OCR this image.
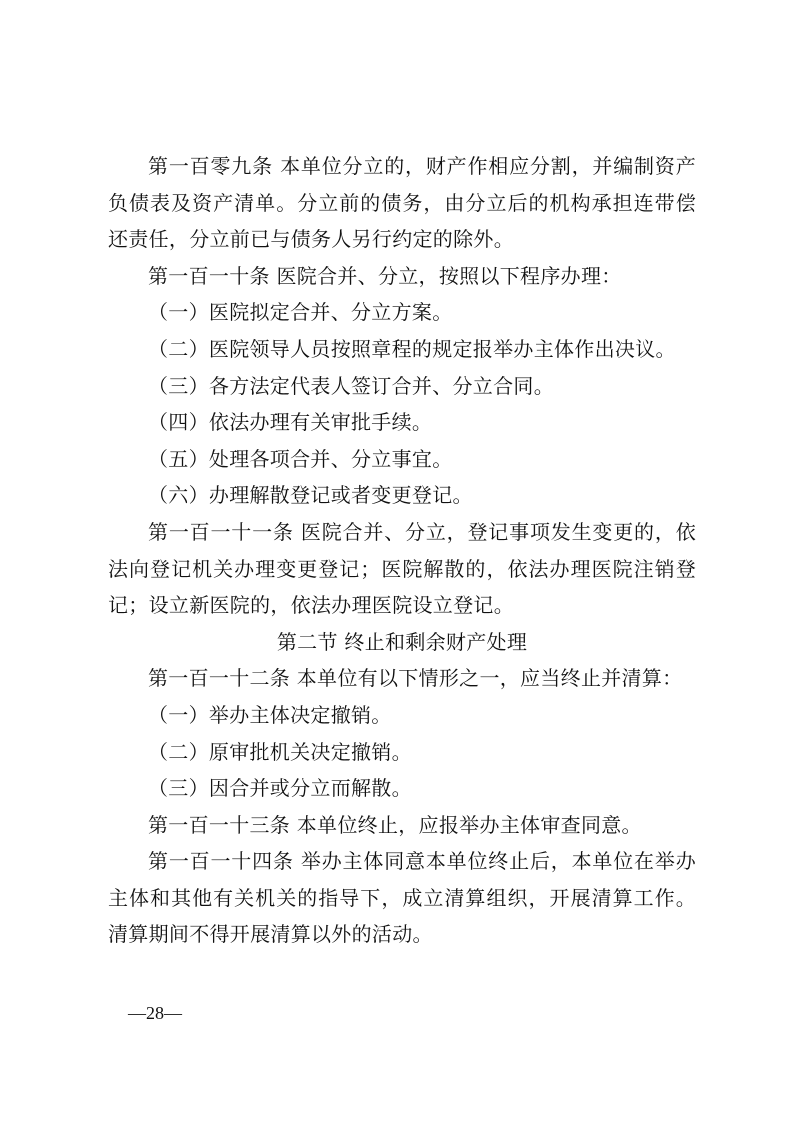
第一百零九条 本单位分立的，财产作相应分割，并编制资产负债表及资产清单。分立前的债务，由分立后的机构承担连带偿还责任，分立前已与债务人另行约定的除外。

第一百一十条 医院合并、分立，按照以下程序办理：

（一）医院拟定合并、分立方案。

（二）医院领导人员按照章程的规定报举办主体作出决议。

（三）各方法定代表人签订合并、分立合同。

（四）依法办理有关审批手续。

（五）处理各项合并、分立事宜。

（六）办理解散登记或者变更登记。

第一百一十一条 医院合并、分立，登记事项发生变更的，依法向登记机关办理变更登记；医院解散的，依法办理医院注销登记；设立新医院的，依法办理医院设立登记。

第二节 终止和剩余财产处理

第一百一十二条 本单位有以下情形之一，应当终止并清算：

（一）举办主体决定撤销。

（二）原审批机关决定撤销。

（三）因合并或分立而解散。

第一百一十三条 本单位终止，应报举办主体审查同意。

第一百一十四条 举办主体同意本单位终止后，本单位在举办主体和其他有关机关的指导下，成立清算组织，开展清算工作。清算期间不得开展清算以外的活动。

—28—
